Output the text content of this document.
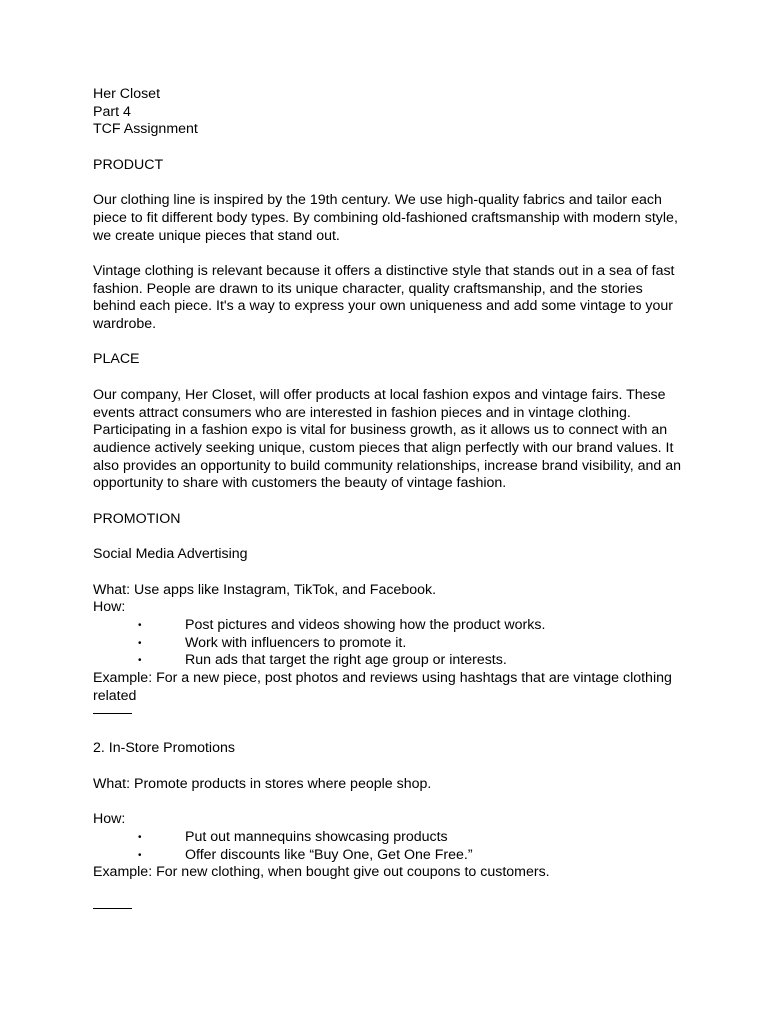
Her Closet
Part 4
TCF Assignment
PRODUCT

Our clothing line is inspired by the 19th century. We use high-quality fabrics and tailor each piece to fit different body types. By combining old-fashioned craftsmanship with modern style, we create unique pieces that stand out.

Vintage clothing is relevant because it offers a distinctive style that stands out in a sea of fast fashion. People are drawn to its unique character, quality craftsmanship, and the stories behind each piece. It's a way to express your own uniqueness and add some vintage to your wardrobe.

PLACE

Our company, Her Closet, will offer products at local fashion expos and vintage fairs. These events attract consumers who are interested in fashion pieces and in vintage clothing. Participating in a fashion expo is vital for business growth, as it allows us to connect with an audience actively seeking unique, custom pieces that align perfectly with our brand values. It also provides an opportunity to build community relationships, increase brand visibility, and an opportunity to share with customers the beauty of vintage fashion.

PROMOTION
Social Media Advertising
What: Use apps like Instagram, TikTok, and Facebook.
How:
•	Post pictures and videos showing how the product works.
•	Work with influencers to promote it.
•	Run ads that target the right age group or interests.

Example: For a new piece, post photos and reviews using hashtags that are vintage clothing related

2. In-Store Promotions
What: Promote products in stores where people shop.
How:
•	Put out mannequins showcasing products
•	Offer discounts like “Buy One, Get One Free.”
Example: For new clothing, when bought give out coupons to customers.
